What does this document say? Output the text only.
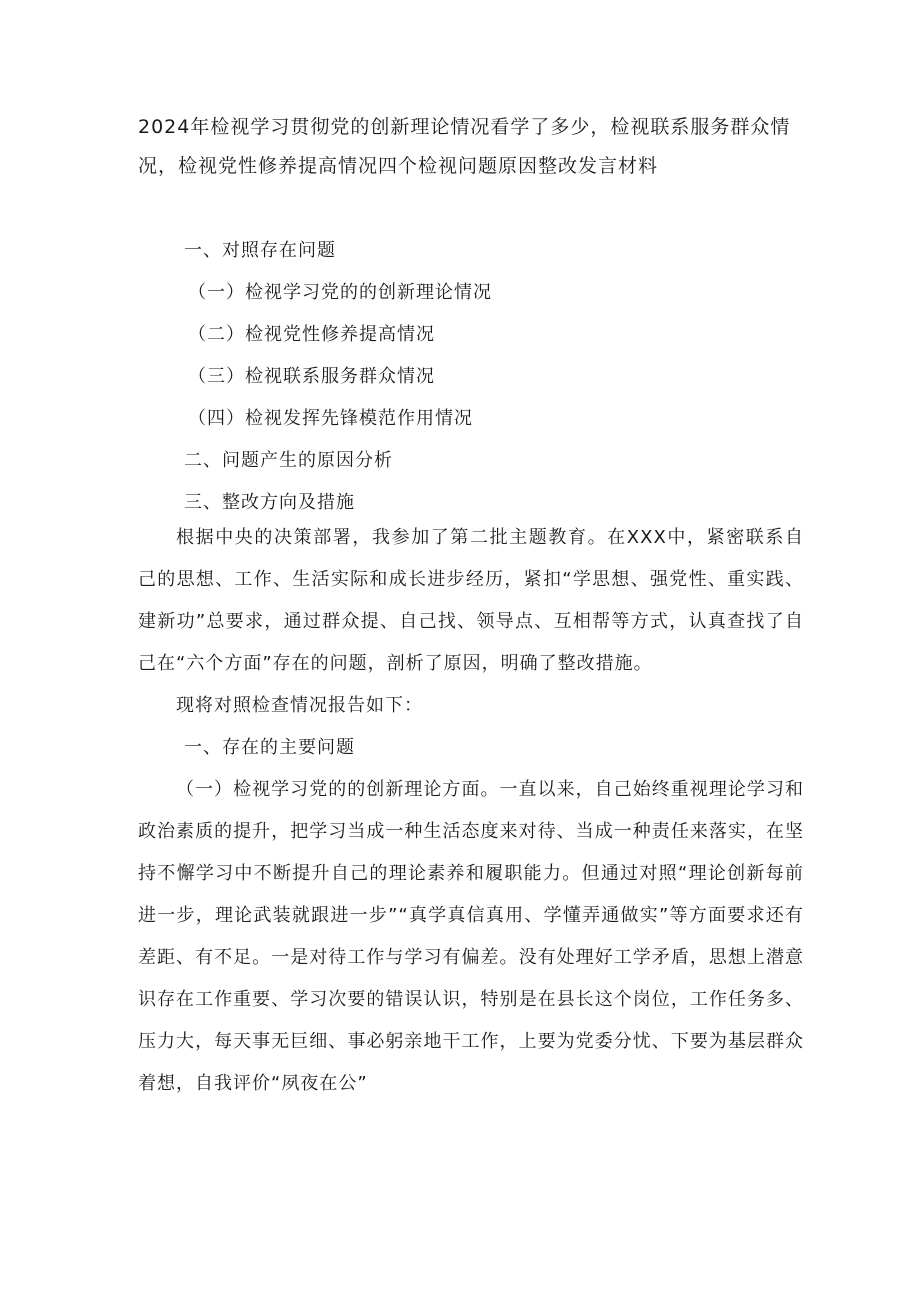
2024年检视学习贯彻党的创新理论情况看学了多少，检视联系服务群众情况，检视党性修养提高情况四个检视问题原因整改发言材料
一、对照存在问题
（一）检视学习党的的创新理论情况
（二）检视党性修养提高情况
（三）检视联系服务群众情况
（四）检视发挥先锋模范作用情况
二、问题产生的原因分析
三、整改方向及措施

根据中央的决策部署，我参加了第二批主题教育。在XXX中，紧密联系自己的思想、工作、生活实际和成长进步经历，紧扣“学思想、强党性、重实践、建新功”总要求，通过群众提、自己找、领导点、互相帮等方式，认真查找了自己在“六个方面”存在的问题，剖析了原因，明确了整改措施。

现将对照检查情况报告如下：

一、存在的主要问题

（一）检视学习党的的创新理论方面。一直以来，自己始终重视理论学习和政治素质的提升，把学习当成一种生活态度来对待、当成一种责任来落实，在坚持不懈学习中不断提升自己的理论素养和履职能力。但通过对照“理论创新每前进一步，理论武装就跟进一步”“真学真信真用、学懂弄通做实”等方面要求还有差距、有不足。一是对待工作与学习有偏差。没有处理好工学矛盾，思想上潜意识存在工作重要、学习次要的错误认识，特别是在县长这个岗位，工作任务多、压力大，每天事无巨细、事必躬亲地干工作，上要为党委分忧、下要为基层群众着想，自我评价“夙夜在公”
